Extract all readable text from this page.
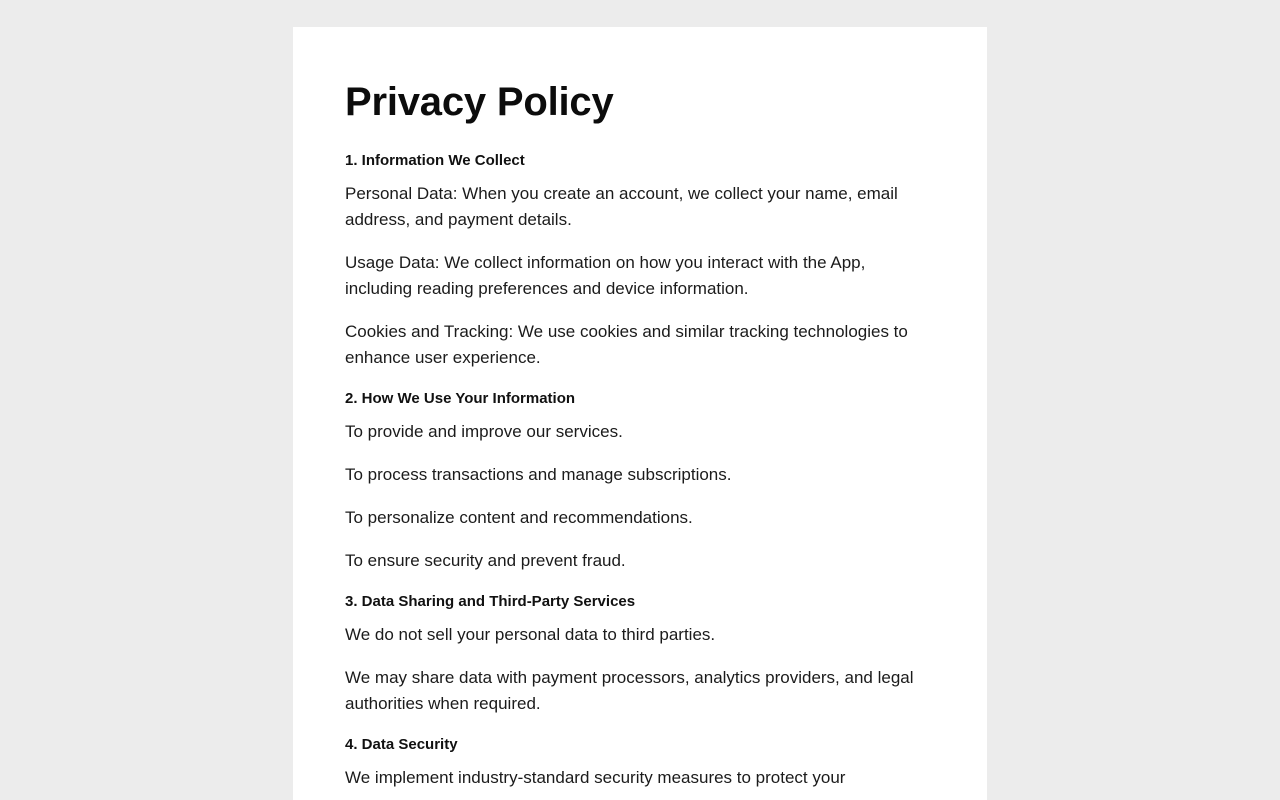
Privacy Policy
1. Information We Collect

Personal Data: When you create an account, we collect your name, email address, and payment details.

Usage Data: We collect information on how you interact with the App, including reading preferences and device information.

Cookies and Tracking: We use cookies and similar tracking technologies to enhance user experience.

2. How We Use Your Information

To provide and improve our services.

To process transactions and manage subscriptions.

To personalize content and recommendations.

To ensure security and prevent fraud.

3. Data Sharing and Third-Party Services

We do not sell your personal data to third parties.

We may share data with payment processors, analytics providers, and legal authorities when required.

4. Data Security

We implement industry-standard security measures to protect your
